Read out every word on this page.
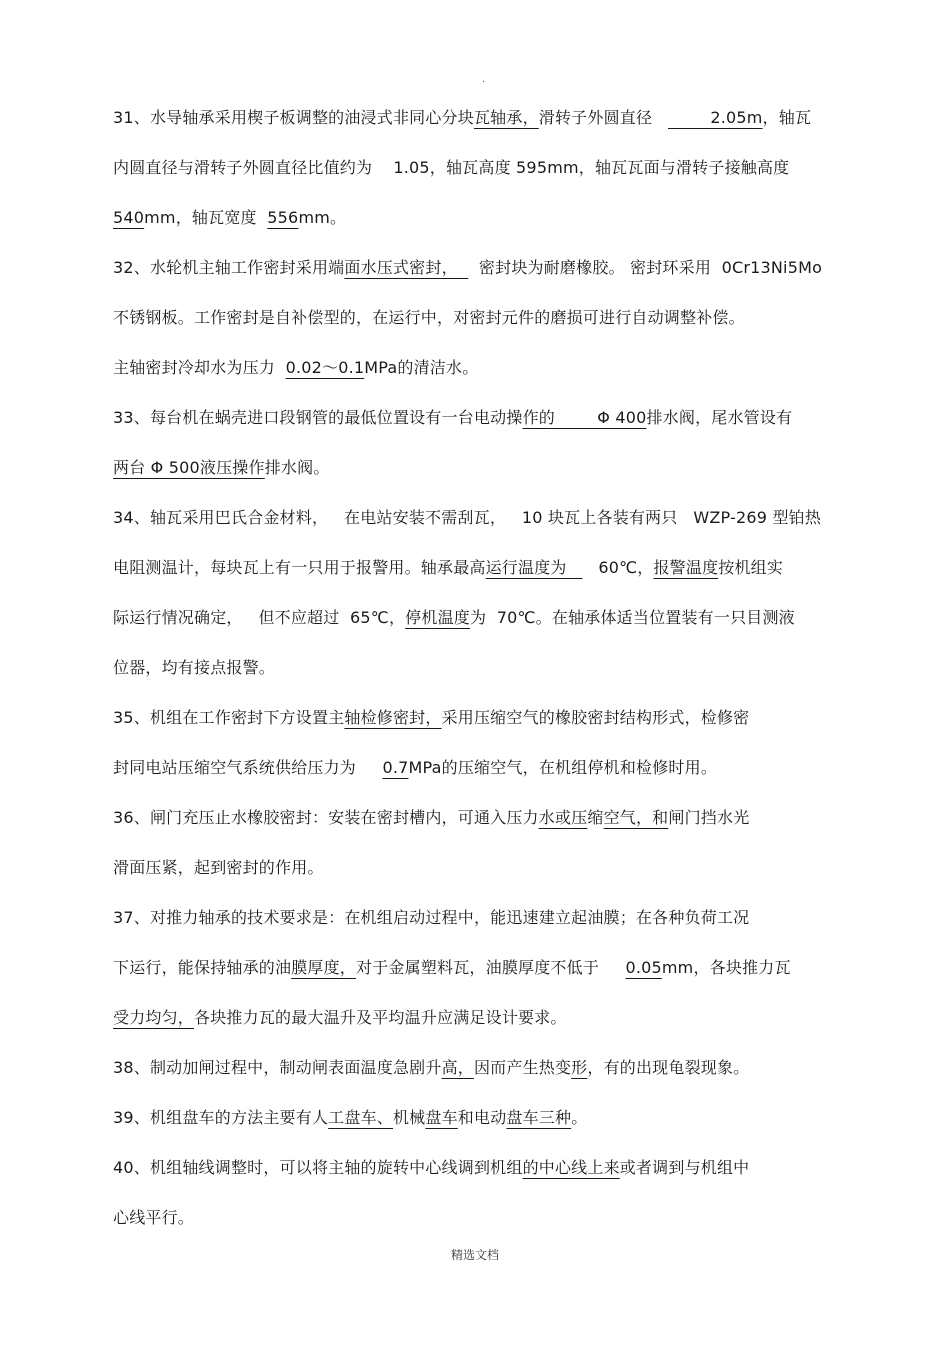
.
31、水导轴承采用楔子板调整的油浸式非同心分块瓦轴承，滑转子外圆直径           2.05m，轴瓦
内圆直径与滑转子外圆直径比值约为    1.05，轴瓦高度 595mm，轴瓦瓦面与滑转子接触高度
540mm，轴瓦宽度  556mm。
32、水轮机主轴工作密封采用端面水压式密封，    密封块为耐磨橡胶。 密封环采用  0Cr13Ni5Mo
不锈钢板。工作密封是自补偿型的，在运行中，对密封元件的磨损可进行自动调整补偿。
主轴密封冷却水为压力  0.02～0.1MPa的清洁水。
33、每台机在蜗壳进口段钢管的最低位置设有一台电动操作的        Φ 400排水阀，尾水管设有
两台 Φ 500液压操作排水阀。
34、轴瓦采用巴氏合金材料，   在电站安装不需刮瓦，   10 块瓦上各装有两只   WZP-269 型铂热
电阻测温计，每块瓦上有一只用于报警用。轴承最高运行温度为      60℃，报警温度按机组实
际运行情况确定，   但不应超过  65℃，停机温度为  70℃。在轴承体适当位置装有一只目测液
位器，均有接点报警。
35、机组在工作密封下方设置主轴检修密封，采用压缩空气的橡胶密封结构形式，检修密
封同电站压缩空气系统供给压力为     0.7MPa的压缩空气，在机组停机和检修时用。
36、闸门充压止水橡胶密封：安装在密封槽内，可通入压力水或压缩空气，和闸门挡水光
滑面压紧，起到密封的作用。
37、对推力轴承的技术要求是：在机组启动过程中，能迅速建立起油膜；在各种负荷工况
下运行，能保持轴承的油膜厚度，对于金属塑料瓦，油膜厚度不低于     0.05mm，各块推力瓦
受力均匀，各块推力瓦的最大温升及平均温升应满足设计要求。
38、制动加闸过程中，制动闸表面温度急剧升高，因而产生热变形，有的出现龟裂现象。
39、机组盘车的方法主要有人工盘车、机械盘车和电动盘车三种。
40、机组轴线调整时，可以将主轴的旋转中心线调到机组的中心线上来或者调到与机组中
心线平行。
精选文档
